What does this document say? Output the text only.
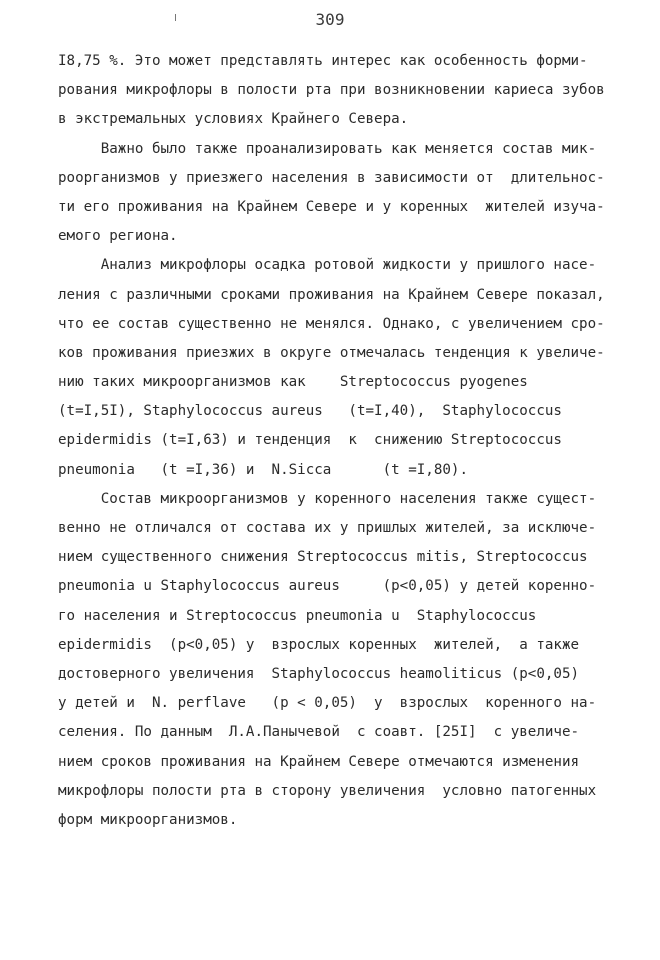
309
I8,75 %. Это может представлять интерес как особенность форми-
рования микрофлоры в полости рта при возникновении кариеса зубов
в экстремальных условиях Крайнего Севера.
Важно было также проанализировать как меняется состав мик-
роорганизмов у приезжего населения в зависимости от  длительнос-
ти его проживания на Крайнем Севере и у коренных  жителей изуча-
емого региона.
Анализ микрофлоры осадка ротовой жидкости у пришлого насе-
ления с различными сроками проживания на Крайнем Севере показал,
что ее состав существенно не менялся. Однако, с увеличением сро-
ков проживания приезжих в округе отмечалась тенденция к увеличе-
нию таких микроорганизмов как    Streptococcus pyogenes
(t=I,5I), Staphylococcus aureus   (t=I,40),  Staphylococcus
epidermidis (t=I,63) и тенденция  к  снижению Streptococcus
pneumonia   (t =I,36) и  N.Sicca      (t =I,80).
Состав микроорганизмов у коренного населения также сущест-
венно не отличался от состава их у пришлых жителей, за исключе-
нием существенного снижения Streptococcus mitis, Streptococcus
pneumonia u Staphylococcus aureus     (p<0,05) у детей коренно-
го населения и Streptococcus pneumonia u  Staphylococcus
epidermidis  (p<0,05) у  взрослых коренных  жителей,  а также
достоверного увеличения  Staphylococcus heamoliticus (p<0,05)
у детей и  N. perflave   (p < 0,05)  у  взрослых  коренного на-
селения. По данным  Л.А.Панычевой  с соавт. [25I]  с увеличе-
нием сроков проживания на Крайнем Севере отмечаются изменения
микрофлоры полости рта в сторону увеличения  условно патогенных
форм микроорганизмов.
